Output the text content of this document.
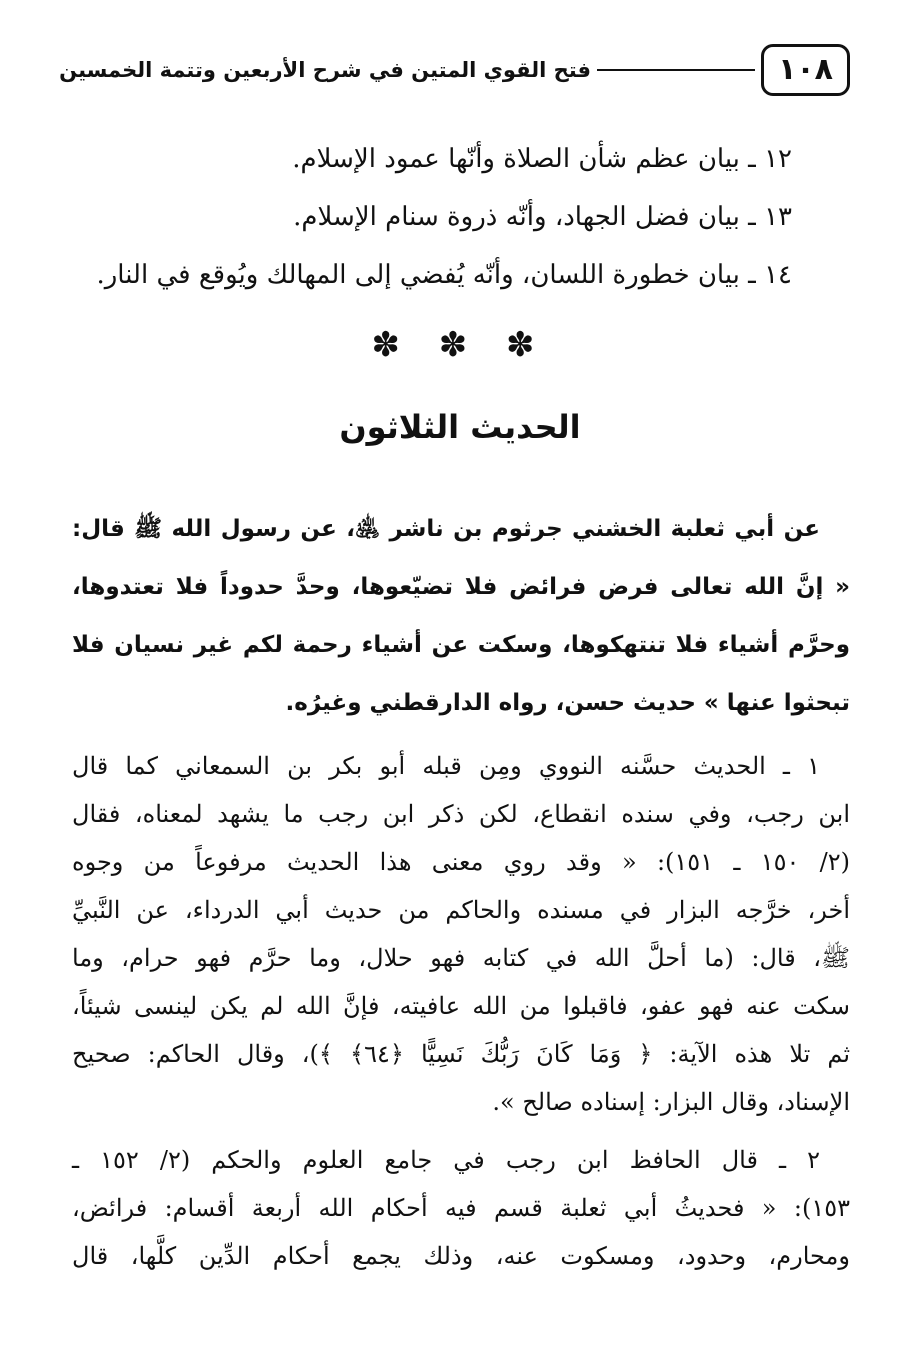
١٠٨
فتح القوي المتين في شرح الأربعين وتتمة الخمسين
١٢ ـ بيان عظم شأن الصلاة وأنّها عمود الإسلام.
١٣ ـ بيان فضل الجهاد، وأنّه ذروة سنام الإسلام.
١٤ ـ بيان خطورة اللسان، وأنّه يُفضي إلى المهالك ويُوقع في النار.
✽ ✽ ✽
الحديث الثلاثون
عن أبي ثعلبة الخشني جرثوم بن ناشر ﵁، عن رسول الله ﷺ قال:
« إنَّ الله تعالى فرض فرائض فلا تضيّعوها، وحدَّ حدوداً فلا تعتدوها،
وحرَّم أشياء فلا تنتهكوها، وسكت عن أشياء رحمة لكم غير نسيان فلا
تبحثوا عنها » حديث حسن، رواه الدارقطني وغيرُه.
١ ـ الحديث حسَّنه النووي ومِن قبله أبو بكر بن السمعاني كما قال
ابن رجب، وفي سنده انقطاع، لكن ذكر ابن رجب ما يشهد لمعناه، فقال
(٢/ ١٥٠ ـ ١٥١): « وقد روي معنى هذا الحديث مرفوعاً من وجوه
أخر، خرَّجه البزار في مسنده والحاكم من حديث أبي الدرداء، عن النَّبيِّ
ﷺ، قال: (ما أحلَّ الله في كتابه فهو حلال، وما حرَّم فهو حرام، وما
سكت عنه فهو عفو، فاقبلوا من الله عافيته، فإنَّ الله لم يكن لينسى شيئاً،
ثم تلا هذه الآية: ﴿ وَمَا كَانَ رَبُّكَ نَسِيًّا ﴿٦٤﴾ ﴾)، وقال الحاكم: صحيح
الإسناد، وقال البزار: إسناده صالح ».
٢ ـ قال الحافظ ابن رجب في جامع العلوم والحكم (٢/ ١٥٢ ـ
١٥٣): « فحديثُ أبي ثعلبة قسم فيه أحكام الله أربعة أقسام: فرائض،
ومحارم، وحدود، ومسكوت عنه، وذلك يجمع أحكام الدِّين كلَّها، قال
